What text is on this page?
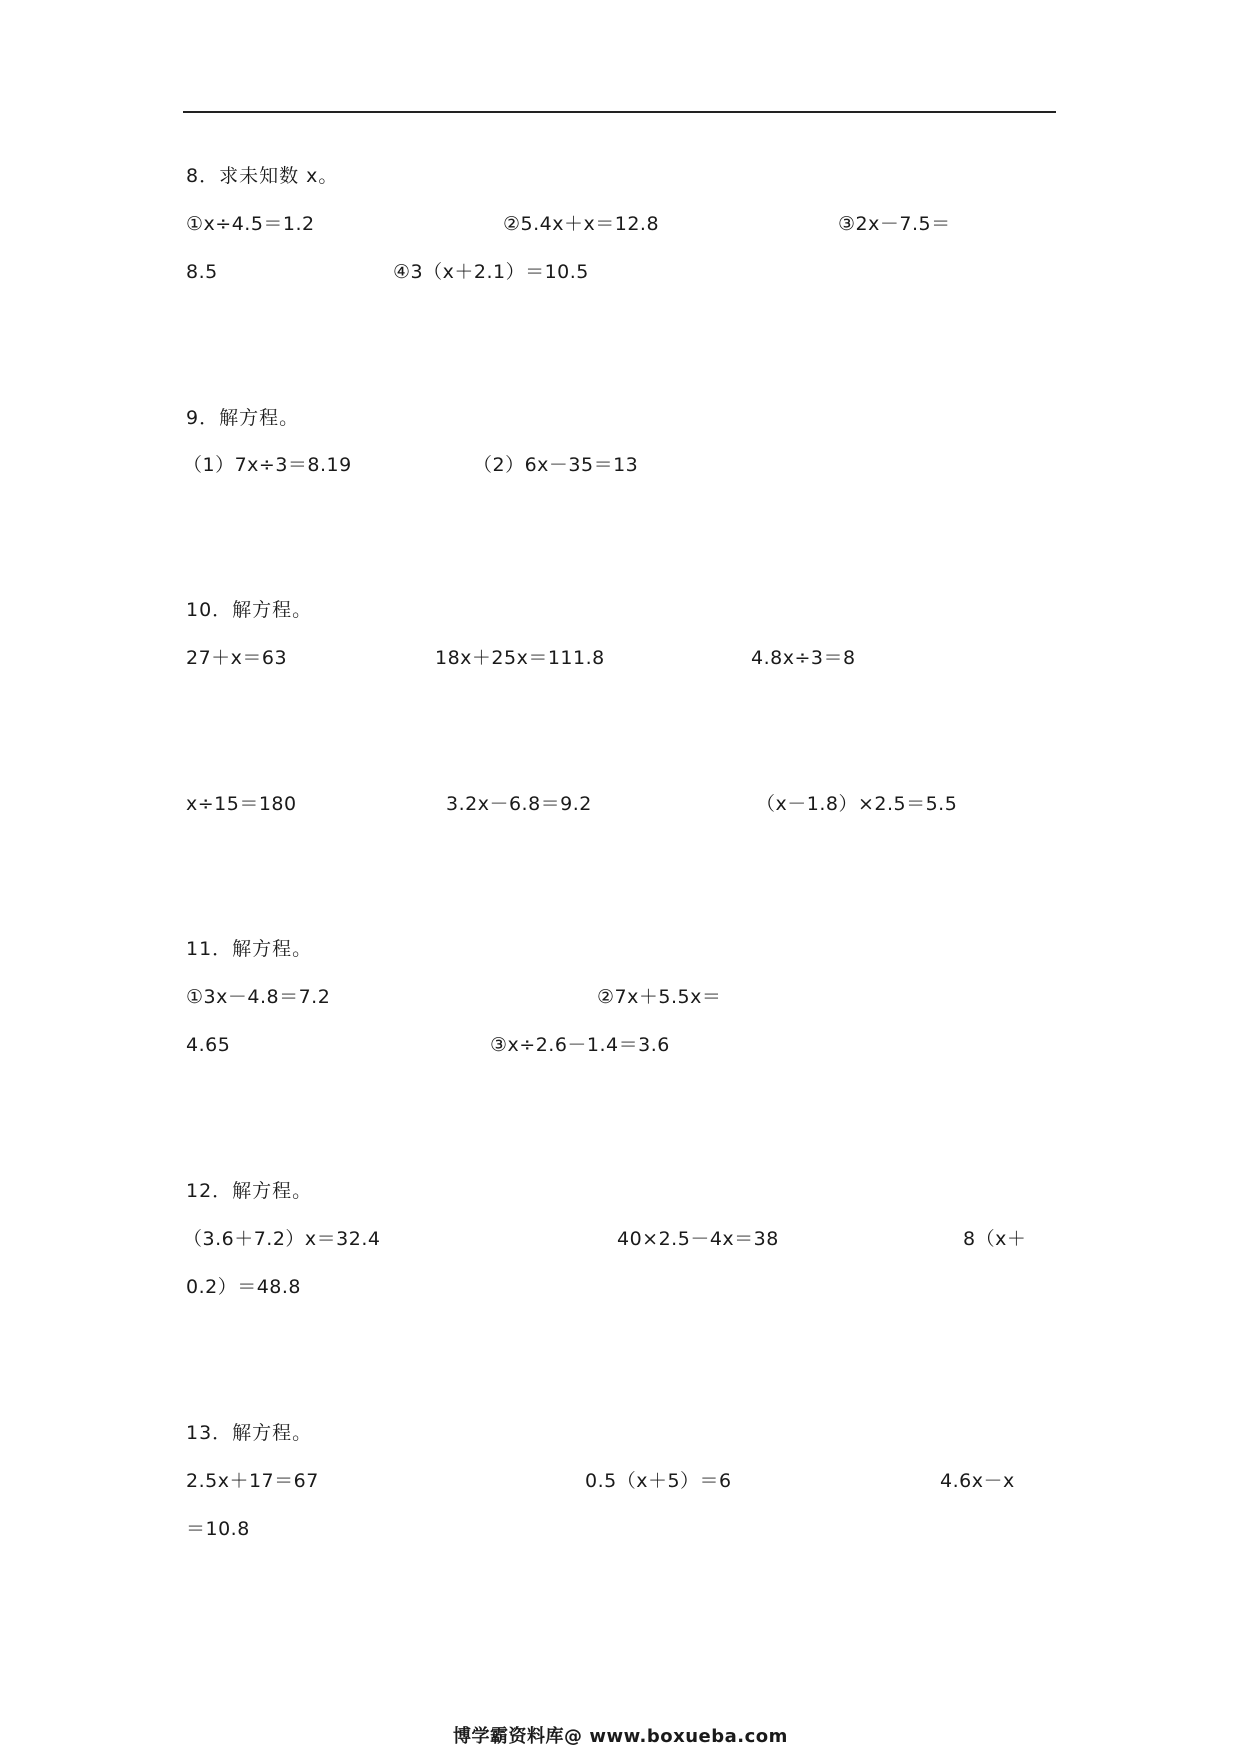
8．求未知数 x。
①x÷4.5＝1.2	②5.4x＋x＝12.8	③2x－7.5＝
8.5	④3（x＋2.1）＝10.5
9．解方程。
（1）7x÷3＝8.19	（2）6x－35＝13
10．解方程。
27＋x＝63	18x＋25x＝111.8	4.8x÷3＝8
x÷15＝180	3.2x－6.8＝9.2	（x－1.8）×2.5＝5.5
11．解方程。
①3x－4.8＝7.2	②7x＋5.5x＝
4.65	③x÷2.6－1.4＝3.6
12．解方程。
（3.6＋7.2）x＝32.4	40×2.5－4x＝38	8（x＋
0.2）＝48.8
13．解方程。
2.5x＋17＝67	0.5（x＋5）＝6	4.6x－x
＝10.8
博学霸资料库@ www.boxueba.com
